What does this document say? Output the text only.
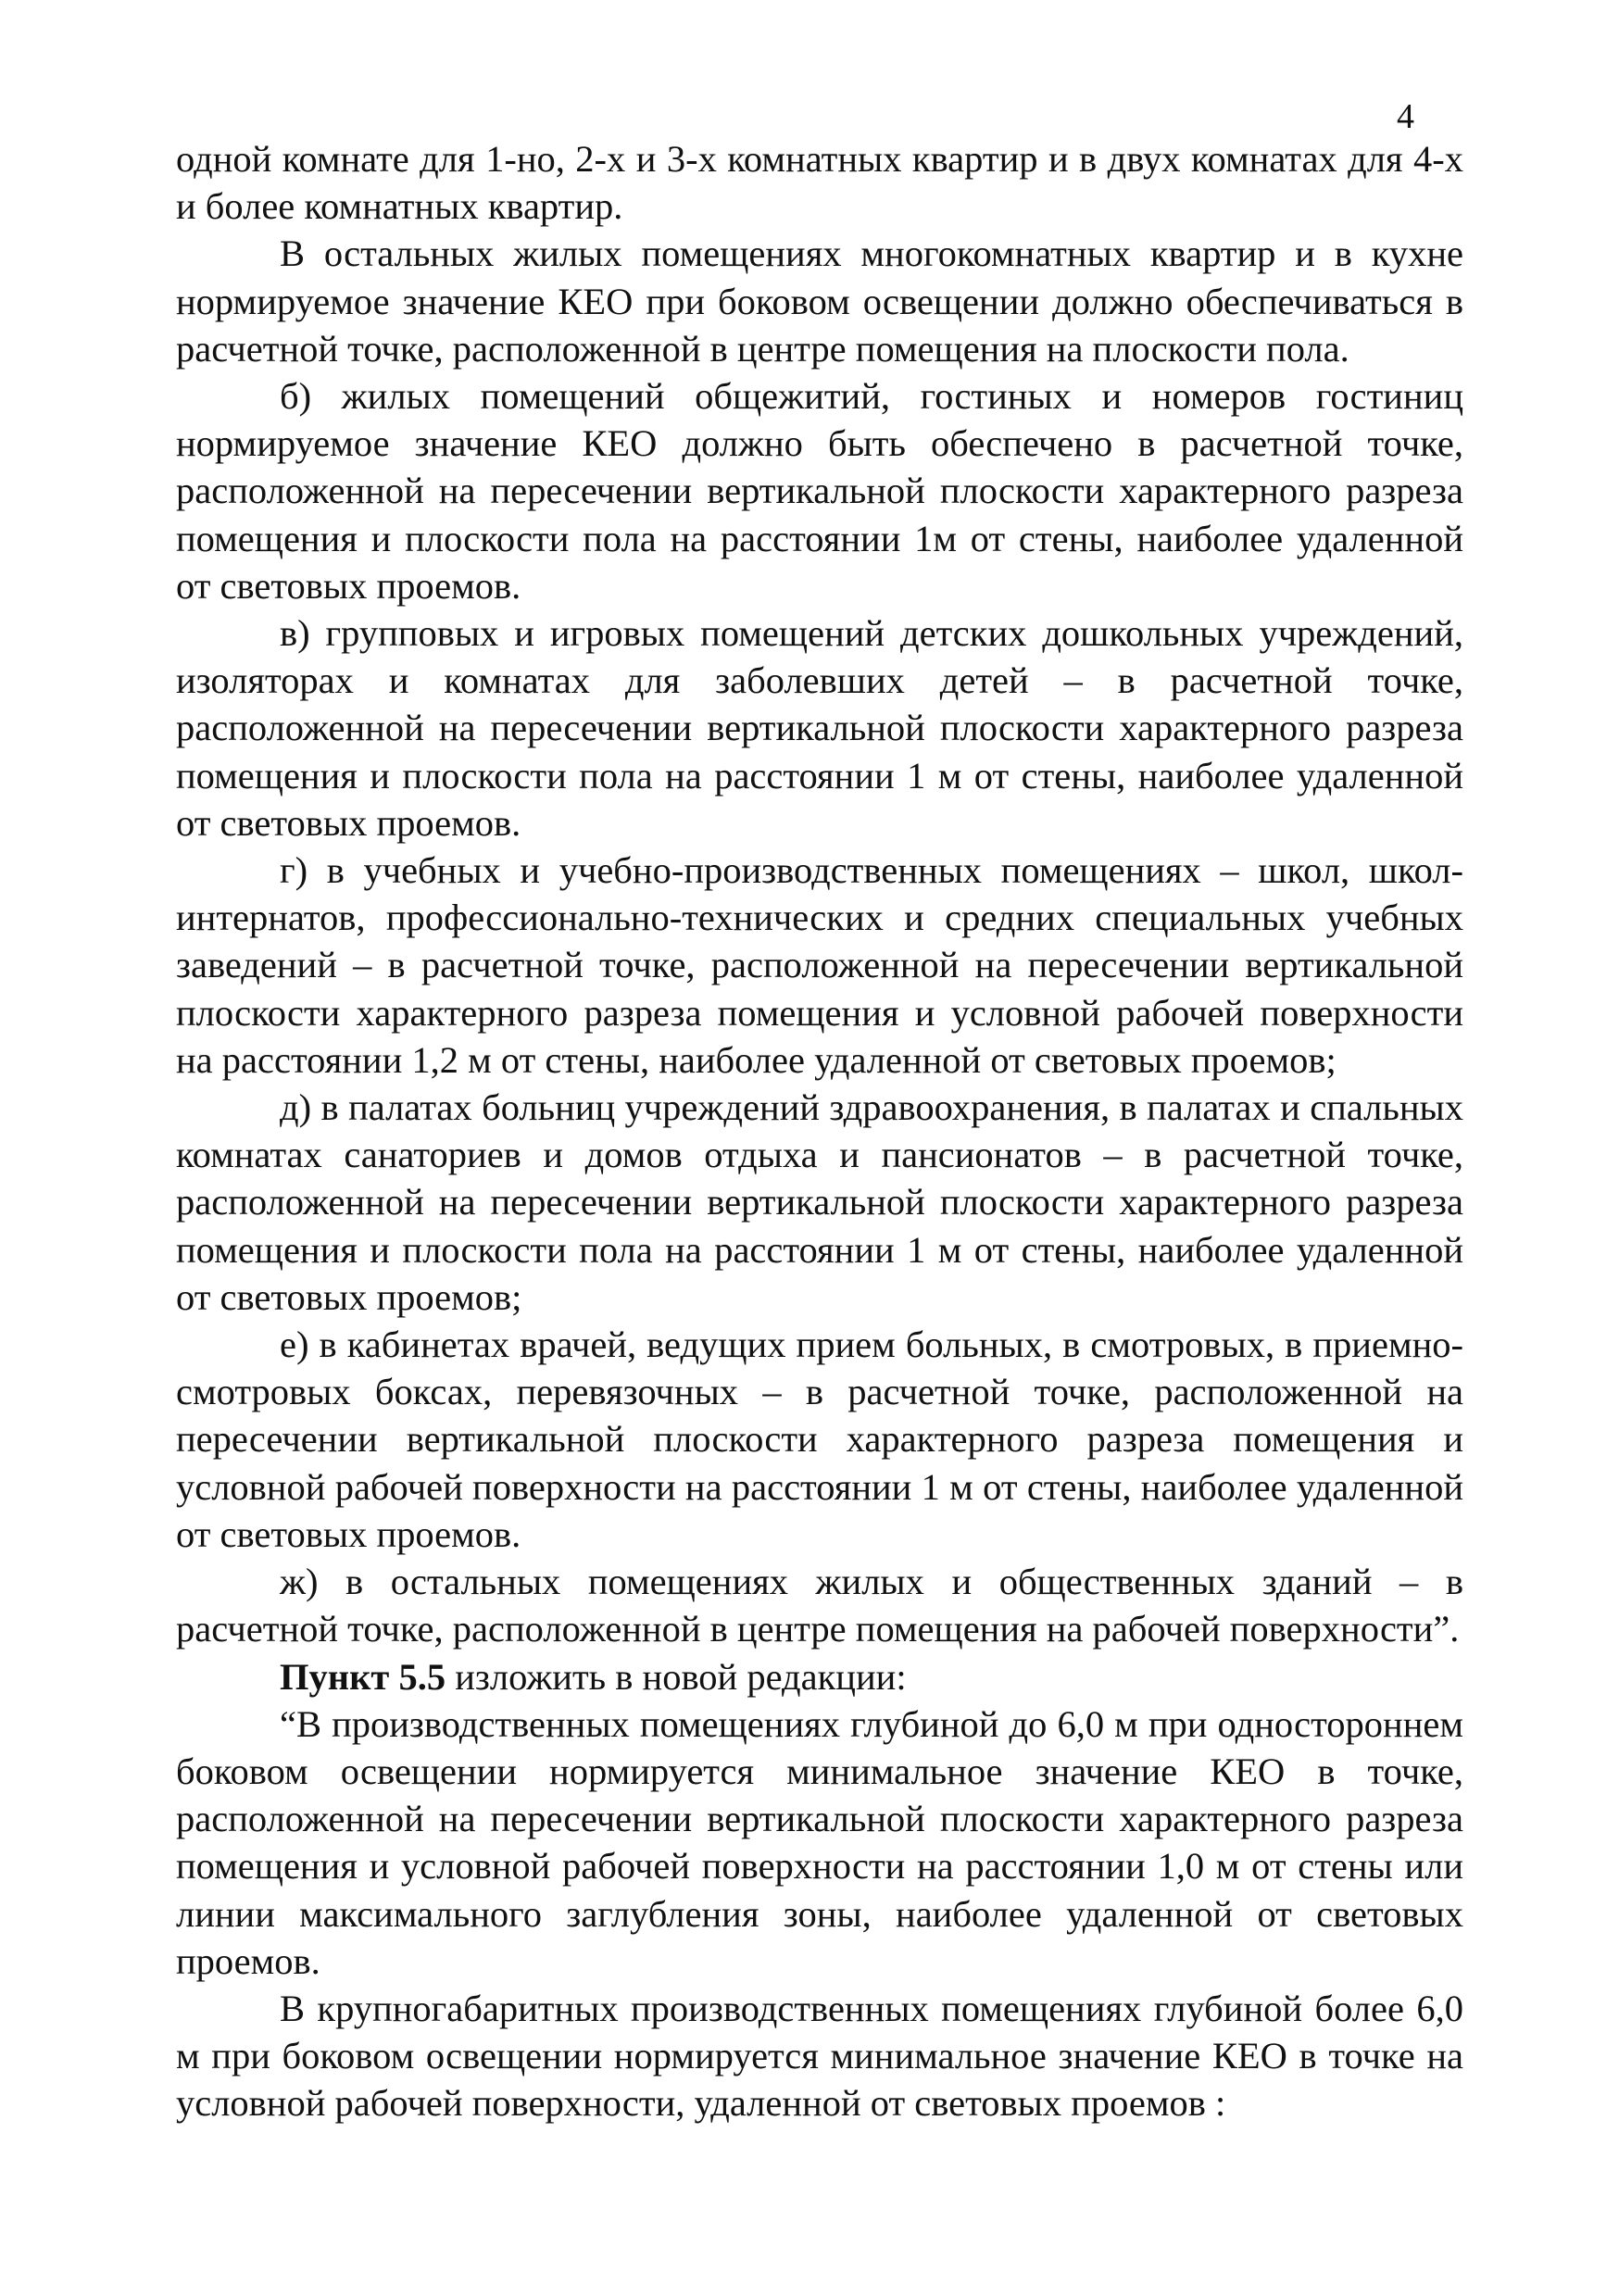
4

одной комнате для 1-но, 2-х и 3-х комнатных квартир и в двух комнатах для 4-х и более комнатных квартир.

В остальных жилых помещениях многокомнатных квартир и в кухне нормируемое значение КЕО при боковом освещении должно обеспечиваться в расчетной точке, расположенной в центре помещения на плоскости пола.

б) жилых помещений общежитий, гостиных и номеров гостиниц нормируемое значение КЕО должно быть обеспечено в расчетной точке, расположенной на пересечении вертикальной плоскости характерного разреза помещения и плоскости пола на расстоянии 1м от стены, наиболее удаленной от световых проемов.

в) групповых и игровых помещений детских дошкольных учреждений, изоляторах и комнатах для заболевших детей – в расчетной точке, расположенной на пересечении вертикальной плоскости характерного разреза помещения и плоскости пола на расстоянии 1 м от стены, наиболее удаленной от световых проемов.

г) в учебных и учебно-производственных помещениях – школ, школ-интернатов, профессионально-технических и средних специальных учебных заведений – в расчетной точке, расположенной на пересечении вертикальной плоскости характерного разреза помещения и условной рабочей поверхности на расстоянии 1,2 м от стены, наиболее удаленной от световых проемов;

д) в палатах больниц учреждений здравоохранения, в палатах и спальных комнатах санаториев и домов отдыха и пансионатов – в расчетной точке, расположенной на пересечении вертикальной плоскости характерного разреза помещения и плоскости пола на расстоянии 1 м от стены, наиболее удаленной от световых проемов;

е) в кабинетах врачей, ведущих прием больных, в смотровых, в приемно-смотровых боксах, перевязочных – в расчетной точке, расположенной на пересечении вертикальной плоскости характерного разреза помещения и условной рабочей поверхности на расстоянии 1 м от стены, наиболее удаленной от световых проемов.

ж) в остальных помещениях жилых и общественных зданий – в расчетной точке, расположенной в центре помещения на рабочей поверхности”.

Пункт 5.5 изложить в новой редакции:

“В производственных помещениях глубиной до 6,0 м при одностороннем боковом освещении нормируется минимальное значение КЕО в точке, расположенной на пересечении вертикальной плоскости характерного разреза помещения и условной рабочей поверхности на расстоянии 1,0 м от стены или линии максимального заглубления зоны, наиболее удаленной от световых проемов.

В крупногабаритных производственных помещениях глубиной более 6,0 м при боковом освещении нормируется минимальное значение КЕО в точке на условной рабочей поверхности, удаленной от световых проемов :
